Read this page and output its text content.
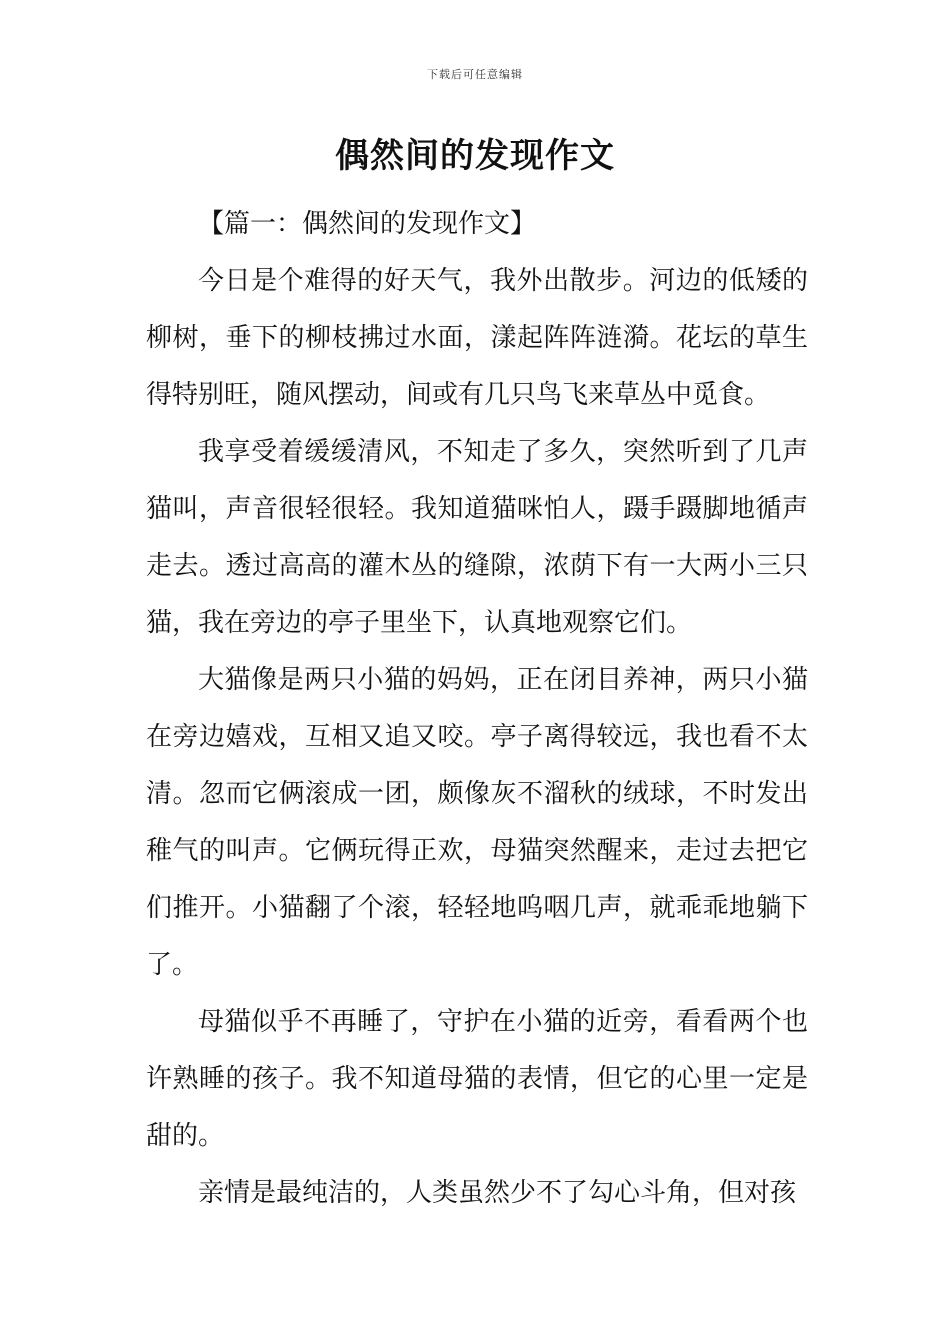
下载后可任意编辑
偶然间的发现作文

【篇一：偶然间的发现作文】

今日是个难得的好天气，我外出散步。河边的低矮的柳树，垂下的柳枝拂过水面，漾起阵阵涟漪。花坛的草生得特别旺，随风摆动，间或有几只鸟飞来草丛中觅食。

我享受着缓缓清风，不知走了多久，突然听到了几声猫叫，声音很轻很轻。我知道猫咪怕人，蹑手蹑脚地循声走去。透过高高的灌木丛的缝隙，浓荫下有一大两小三只猫，我在旁边的亭子里坐下，认真地观察它们。

大猫像是两只小猫的妈妈，正在闭目养神，两只小猫在旁边嬉戏，互相又追又咬。亭子离得较远，我也看不太清。忽而它俩滚成一团，颇像灰不溜秋的绒球，不时发出稚气的叫声。它俩玩得正欢，母猫突然醒来，走过去把它们推开。小猫翻了个滚，轻轻地呜咽几声，就乖乖地躺下了。

母猫似乎不再睡了，守护在小猫的近旁，看看两个也许熟睡的孩子。我不知道母猫的表情，但它的心里一定是甜的。

亲情是最纯洁的，人类虽然少不了勾心斗角，但对孩
